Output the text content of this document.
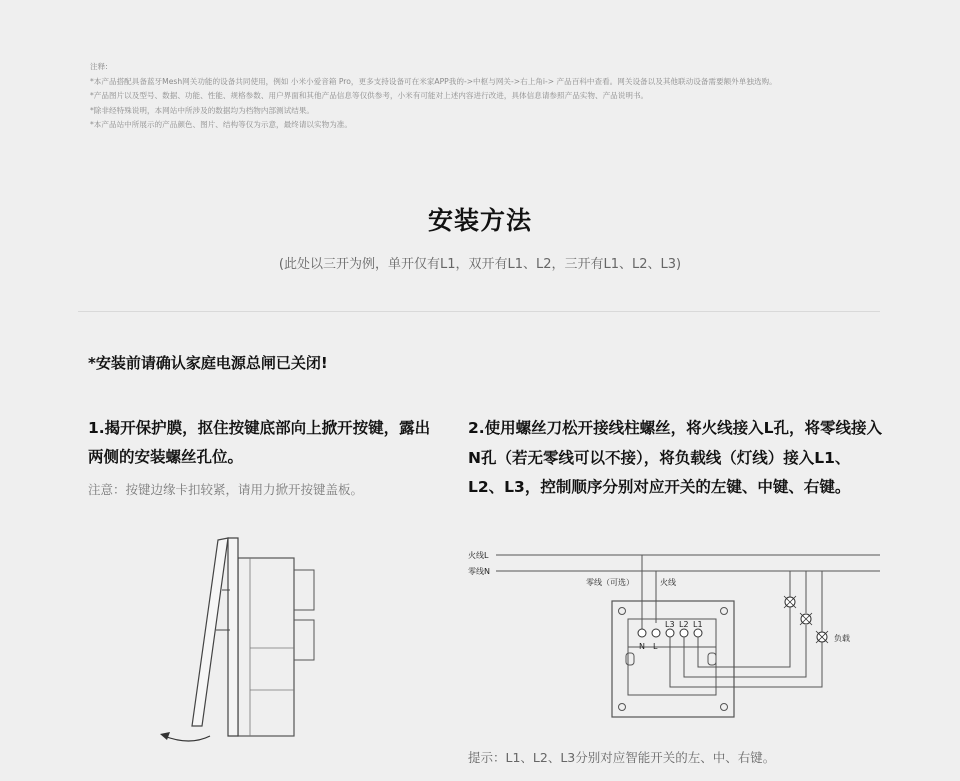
注释:
*本产品搭配具备蓝牙Mesh网关功能的设备共同使用，例如 小米小爱音箱 Pro，更多支持设备可在米家APP我的->中枢与网关->右上角i-> 产品百科中查看。网关设备以及其他联动设备需要额外单独选购。
*产品图片以及型号、数据、功能、性能、规格参数、用户界面和其他产品信息等仅供参考，小米有可能对上述内容进行改进，具体信息请参照产品实物、产品说明书。
*除非经特殊说明，本网站中所涉及的数据均为档物内部测试结果。
*本产品站中所展示的产品颜色、图片、结构等仅为示意，最终请以实物为准。
安装方法
(此处以三开为例，单开仅有L1，双开有L1、L2，三开有L1、L2、L3)
*安装前请确认家庭电源总闸已关闭!
1.揭开保护膜，抠住按键底部向上掀开按键，露出两侧的安装螺丝孔位。
注意：按键边缘卡扣较紧，请用力掀开按键盖板。
2.使用螺丝刀松开接线柱螺丝，将火线接入L孔，将零线接入N孔（若无零线可以不接），将负载线（灯线）接入L1、L2、L3，控制顺序分别对应开关的左键、中键、右键。
火线L
零线N
零线（可选）	火线
L3 L2 L1
N L
负载
提示：L1、L2、L3分别对应智能开关的左、中、右键。
